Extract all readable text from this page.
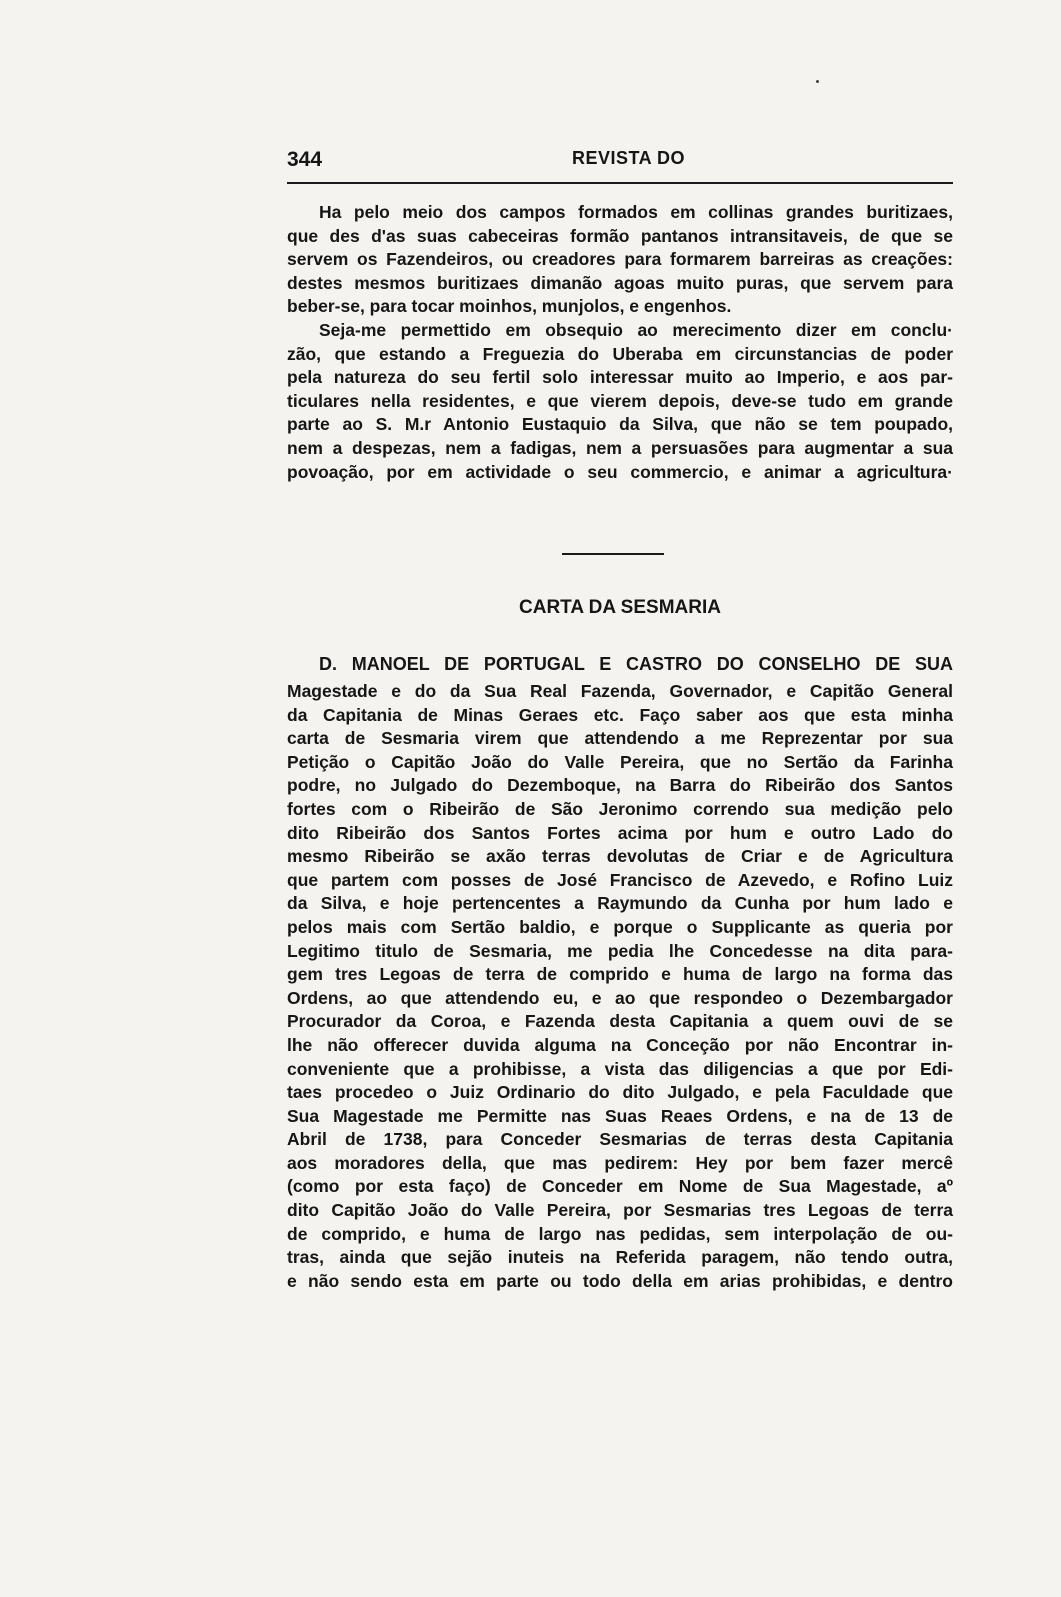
344	REVISTA DO
Ha pelo meio dos campos formados em collinas grandes buritizaes,
que des d'as suas cabeceiras formão pantanos intransitaveis, de que se
servem os Fazendeiros, ou creadores para formarem barreiras as creações:
destes mesmos buritizaes dimanão agoas muito puras, que servem para
beber-se, para tocar moinhos, munjolos, e engenhos.
Seja-me permettido em obsequio ao merecimento dizer em conclu·
zão, que estando a Freguezia do Uberaba em circunstancias de poder
pela natureza do seu fertil solo interessar muito ao Imperio, e aos par-
ticulares nella residentes, e que vierem depois, deve-se tudo em grande
parte ao S. M.r Antonio Eustaquio da Silva, que não se tem poupado,
nem a despezas, nem a fadigas, nem a persuasões para augmentar a sua
povoação, por em actividade o seu commercio, e animar a agricultura·
CARTA DA SESMARIA
D. MANOEL DE PORTUGAL E CASTRO DO CONSELHO DE SUA
Magestade e do da Sua Real Fazenda, Governador, e Capitão General
da Capitania de Minas Geraes etc. Faço saber aos que esta minha
carta de Sesmaria virem que attendendo a me Reprezentar por sua
Petição o Capitão João do Valle Pereira, que no Sertão da Farinha
podre, no Julgado do Dezemboque, na Barra do Ribeirão dos Santos
fortes com o Ribeirão de São Jeronimo correndo sua medição pelo
dito Ribeirão dos Santos Fortes acima por hum e outro Lado do
mesmo Ribeirão se axão terras devolutas de Criar e de Agricultura
que partem com posses de José Francisco de Azevedo, e Rofino Luiz
da Silva, e hoje pertencentes a Raymundo da Cunha por hum lado e
pelos mais com Sertão baldio, e porque o Supplicante as queria por
Legitimo titulo de Sesmaria, me pedia lhe Concedesse na dita para-
gem tres Legoas de terra de comprido e huma de largo na forma das
Ordens, ao que attendendo eu, e ao que respondeo o Dezembargador
Procurador da Coroa, e Fazenda desta Capitania a quem ouvi de se
lhe não offerecer duvida alguma na Conceção por não Encontrar in-
conveniente que a prohibisse, a vista das diligencias a que por Edi-
taes procedeo o Juiz Ordinario do dito Julgado, e pela Faculdade que
Sua Magestade me Permitte nas Suas Reaes Ordens, e na de 13 de
Abril de 1738, para Conceder Sesmarias de terras desta Capitania
aos moradores della, que mas pedirem: Hey por bem fazer mercê
(como por esta faço) de Conceder em Nome de Sua Magestade, aº
dito Capitão João do Valle Pereira, por Sesmarias tres Legoas de terra
de comprido, e huma de largo nas pedidas, sem interpolação de ou-
tras, ainda que sejão inuteis na Referida paragem, não tendo outra,
e não sendo esta em parte ou todo della em arias prohibidas, e dentro
